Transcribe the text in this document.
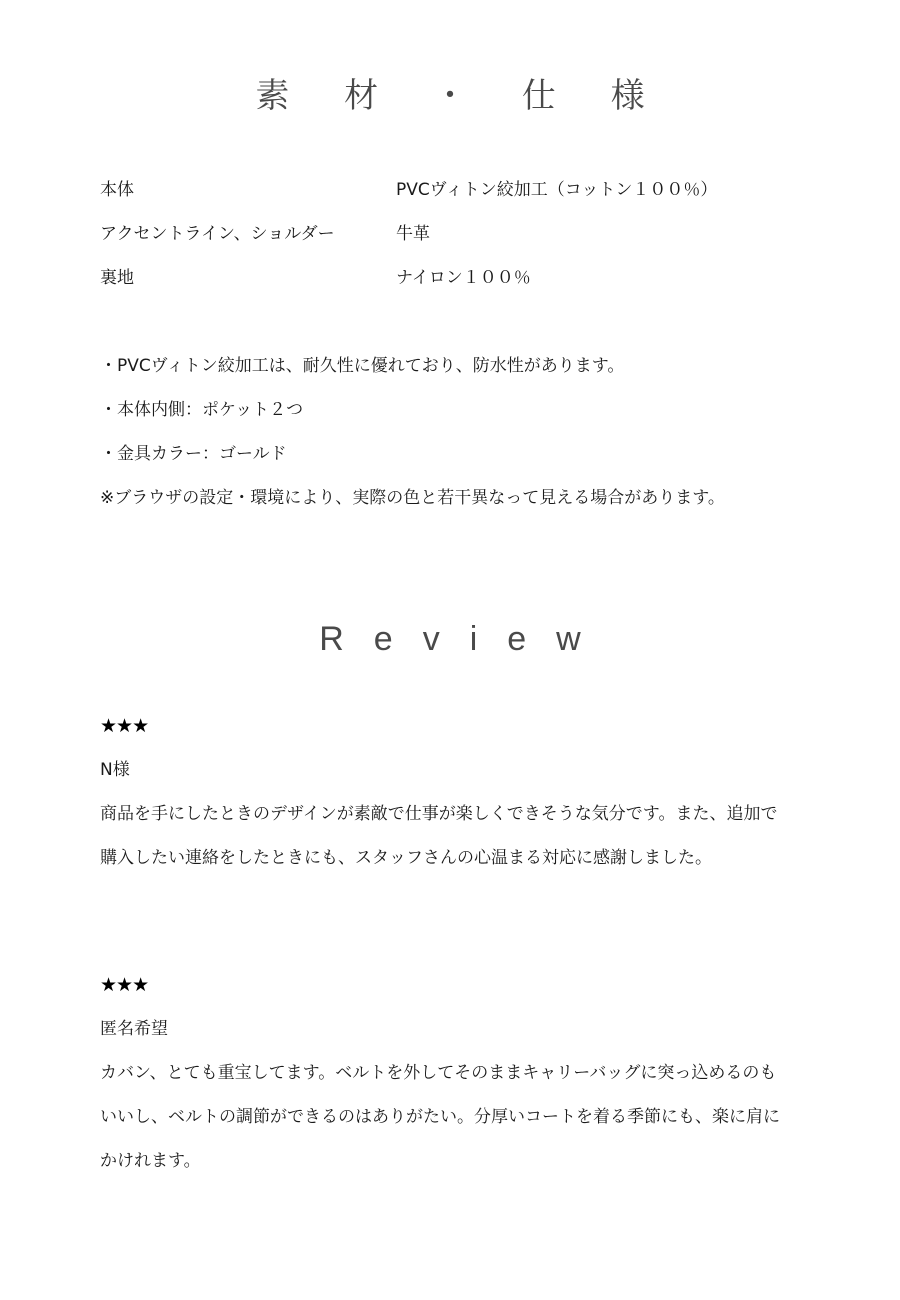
素 材 ・ 仕 様
本体	PVCヴィトン絞加工（コットン１００％）
アクセントライン、ショルダー	牛革
裏地	ナイロン１００％
・PVCヴィトン絞加工は、耐久性に優れており、防水性があります。
・本体内側：ポケット２つ
・金具カラー：ゴールド
※ブラウザの設定・環境により、実際の色と若干異なって見える場合があります。
Review
★★★
N様
商品を手にしたときのデザインが素敵で仕事が楽しくできそうな気分です。また、追加で購入したい連絡をしたときにも、スタッフさんの心温まる対応に感謝しました。
★★★
匿名希望
カバン、とても重宝してます。ベルトを外してそのままキャリーバッグに突っ込めるのもいいし、ベルトの調節ができるのはありがたい。分厚いコートを着る季節にも、楽に肩にかけれます。
